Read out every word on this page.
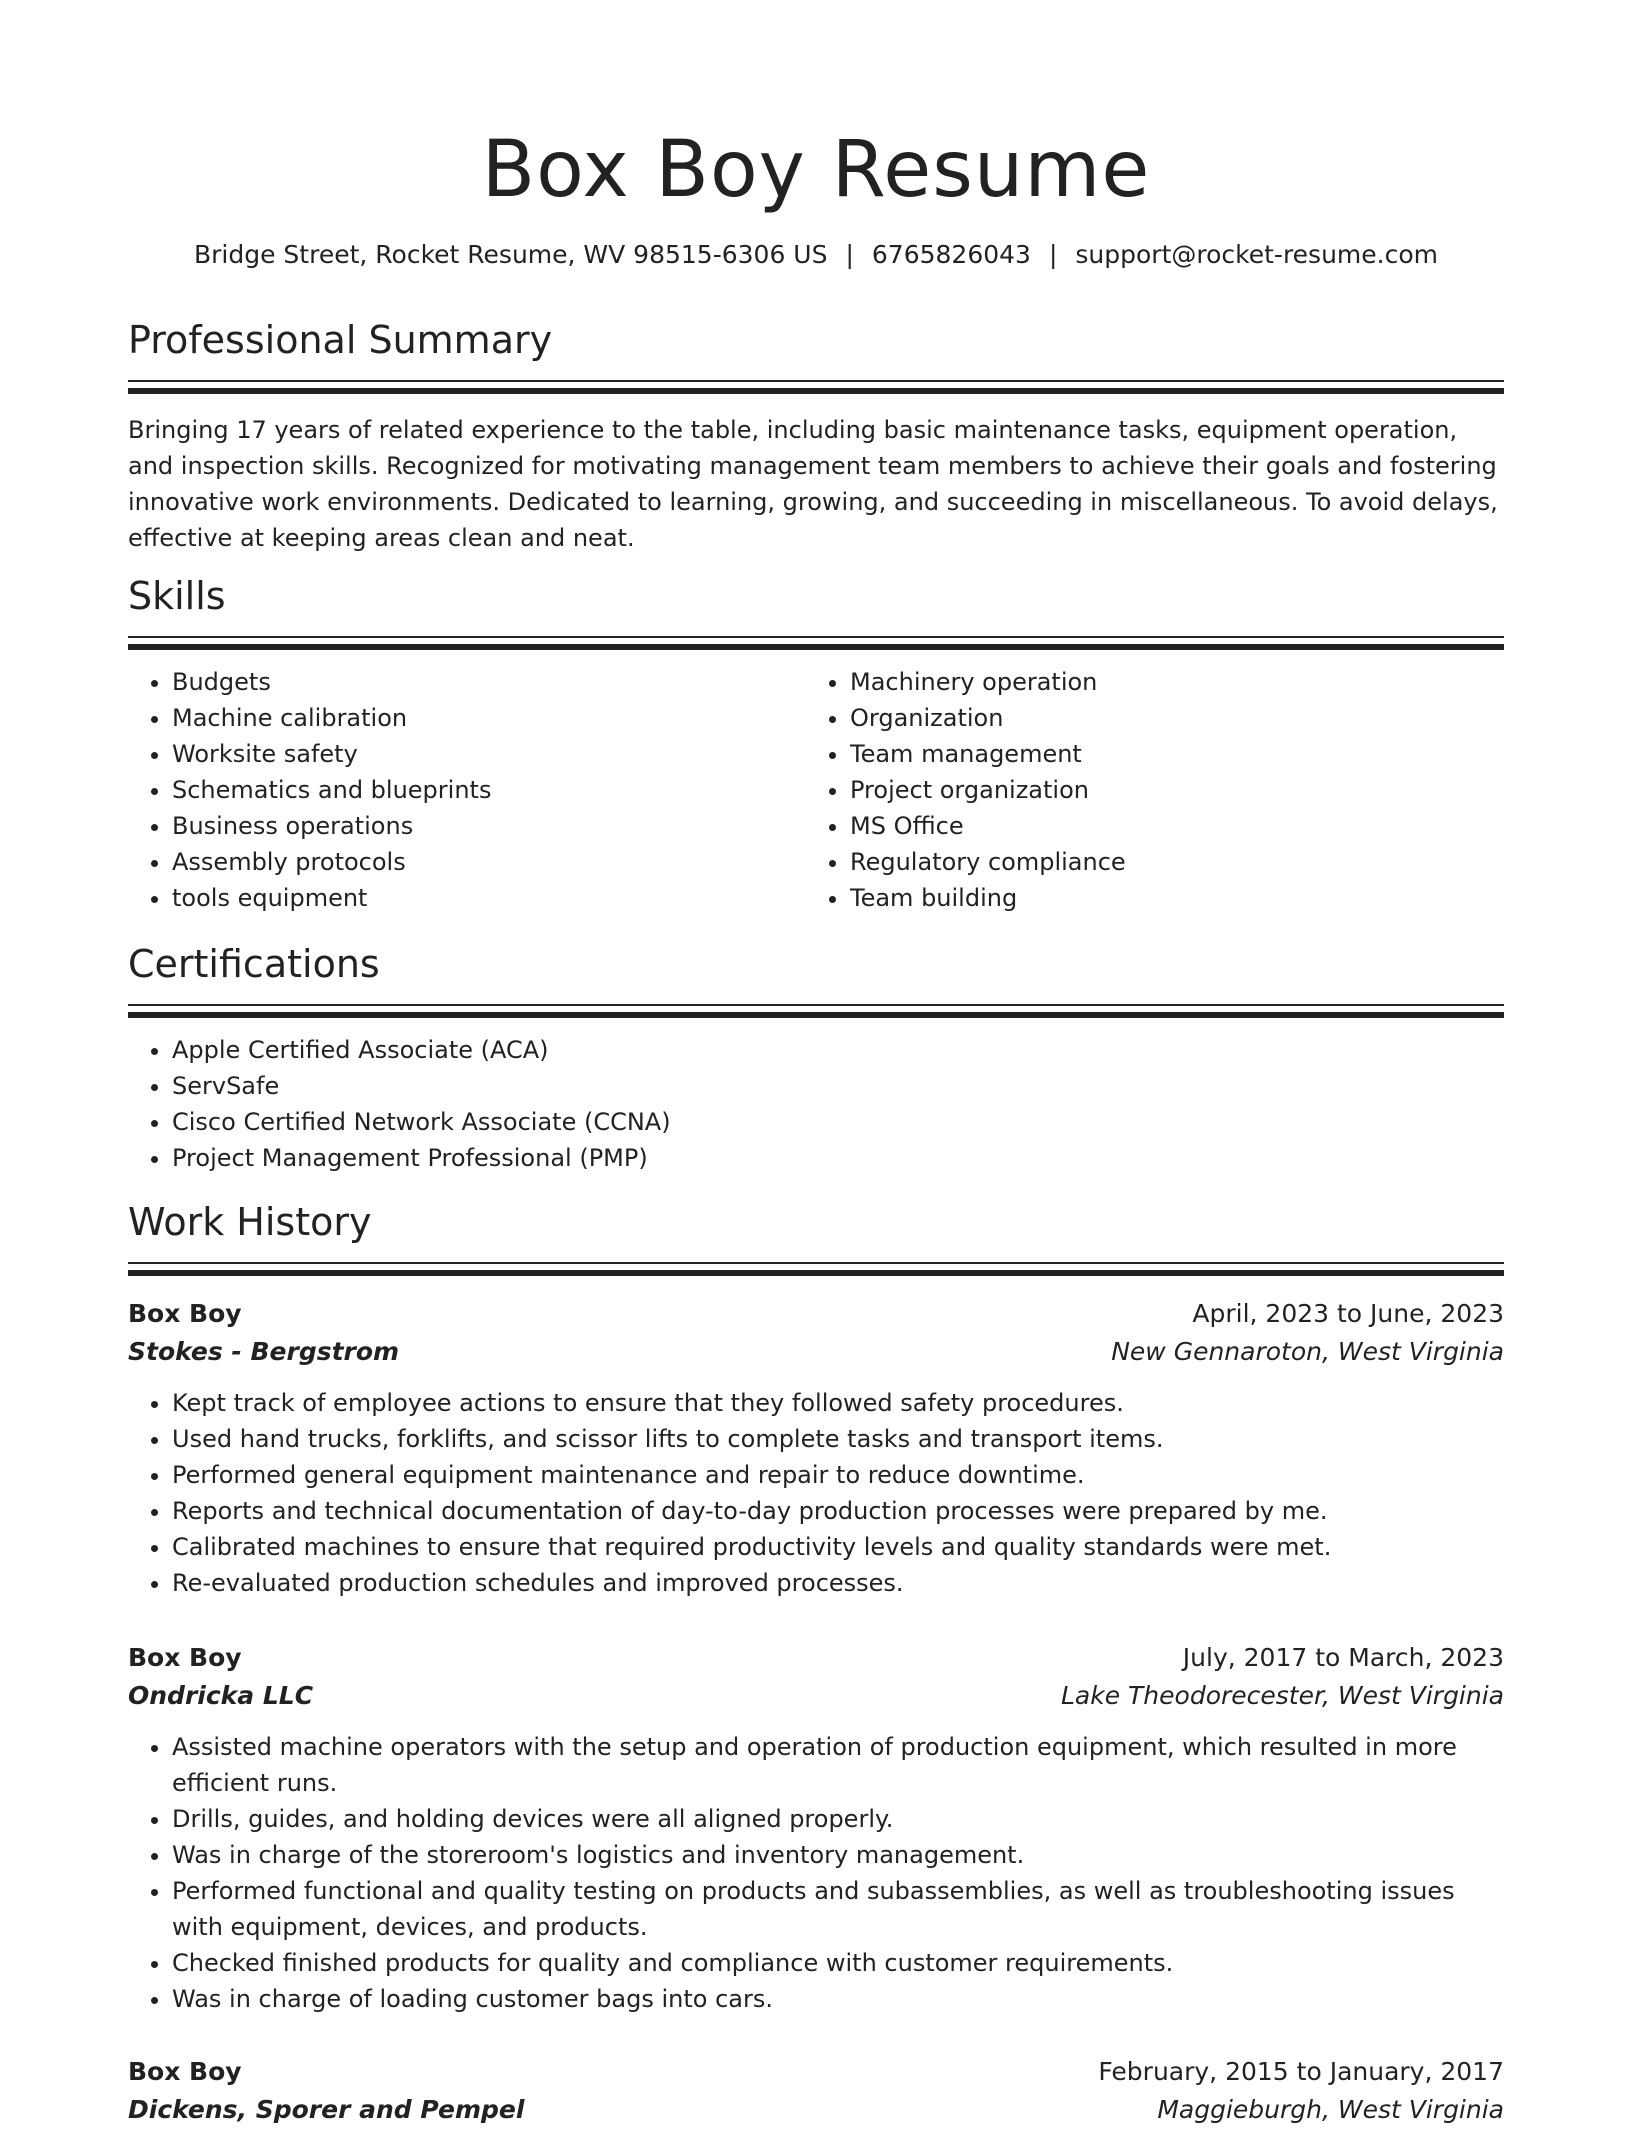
Box Boy Resume
Bridge Street, Rocket Resume, WV 98515-6306 US | 6765826043 | support@rocket-resume.com
Professional Summary

Bringing 17 years of related experience to the table, including basic maintenance tasks, equipment operation, and inspection skills. Recognized for motivating management team members to achieve their goals and fostering innovative work environments. Dedicated to learning, growing, and succeeding in miscellaneous. To avoid delays, effective at keeping areas clean and neat.

Skills
• Budgets
• Machine calibration
• Worksite safety
• Schematics and blueprints
• Business operations
• Assembly protocols
• tools equipment
• Machinery operation
• Organization
• Team management
• Project organization
• MS Office
• Regulatory compliance
• Team building
Certifications
• Apple Certified Associate (ACA)
• ServSafe
• Cisco Certified Network Associate (CCNA)
• Project Management Professional (PMP)
Work History
Box Boy	April, 2023 to June, 2023
Stokes - Bergstrom	New Gennaroton, West Virginia
• Kept track of employee actions to ensure that they followed safety procedures.
• Used hand trucks, forklifts, and scissor lifts to complete tasks and transport items.
• Performed general equipment maintenance and repair to reduce downtime.
• Reports and technical documentation of day-to-day production processes were prepared by me.
• Calibrated machines to ensure that required productivity levels and quality standards were met.
• Re-evaluated production schedules and improved processes.
Box Boy	July, 2017 to March, 2023
Ondricka LLC	Lake Theodorecester, West Virginia
• Assisted machine operators with the setup and operation of production equipment, which resulted in more efficient runs.
• Drills, guides, and holding devices were all aligned properly.
• Was in charge of the storeroom's logistics and inventory management.
• Performed functional and quality testing on products and subassemblies, as well as troubleshooting issues with equipment, devices, and products.
• Checked finished products for quality and compliance with customer requirements.
• Was in charge of loading customer bags into cars.
Box Boy	February, 2015 to January, 2017
Dickens, Sporer and Pempel	Maggieburgh, West Virginia
